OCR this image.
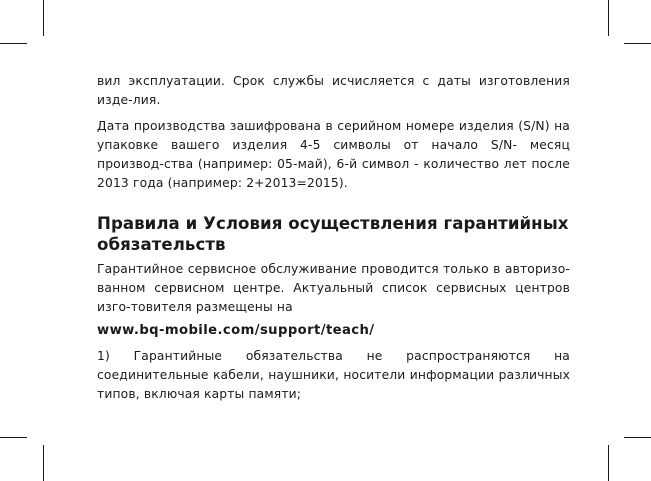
вил эксплуатации. Срок службы исчисляется с даты изготовления изде-лия.

Дата производства зашифрована в серийном номере изделия (S/N) на упаковке вашего изделия 4-5 символы от начало S/N- месяц производ-ства (например: 05-май), 6-й символ - количество лет после 2013 года (например: 2+2013=2015).

Правила и Условия осуществления гарантийных обязательств

Гарантийное сервисное обслуживание проводится только в авторизо-ванном сервисном центре. Актуальный список сервисных центров изго-товителя размещены на

www.bq-mobile.com/support/teach/

1) Гарантийные обязательства не распространяются на соединительные кабели, наушники, носители информации различных типов, включая карты памяти;
